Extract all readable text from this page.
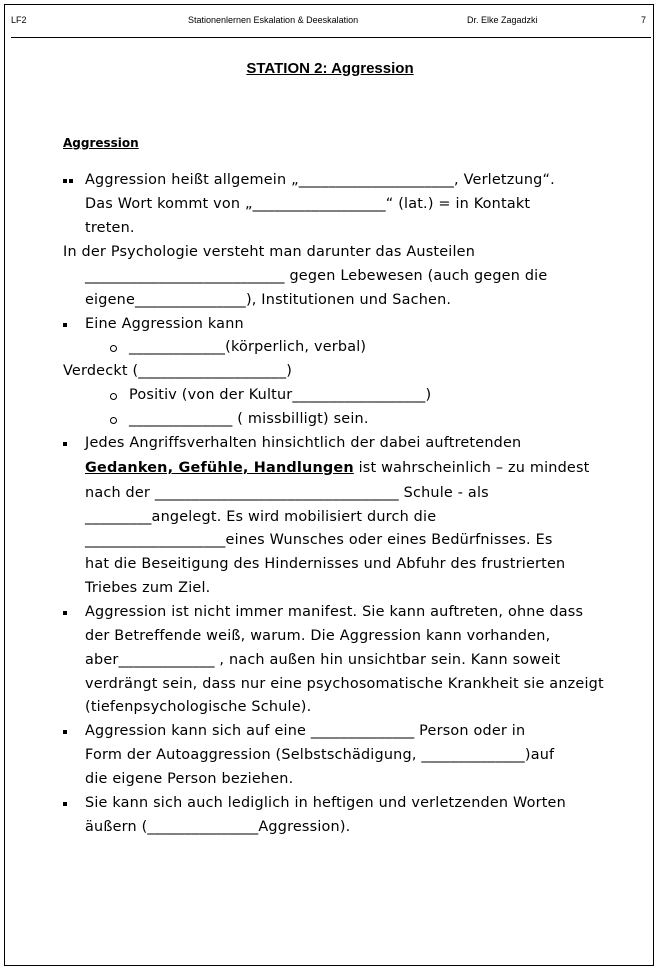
LF2	Stationenlernen Eskalation & Deeskalation	Dr. Elke Zagadzki	7
STATION 2: Aggression
Aggression
Aggression heißt allgemein „_____________________, Verletzung“.
Das Wort kommt von „__________________“ (lat.) = in Kontakt
treten.
In der Psychologie versteht man darunter das Austeilen
___________________________ gegen Lebewesen (auch gegen die
eigene_______________), Institutionen und Sachen.
Eine Aggression kann
_____________(körperlich, verbal)
Verdeckt (____________________)
Positiv (von der Kultur__________________)
______________ ( missbilligt) sein.
Jedes Angriffsverhalten hinsichtlich der dabei auftretenden
Gedanken, Gefühle, Handlungen ist wahrscheinlich – zu mindest
nach der _________________________________ Schule - als
_________angelegt. Es wird mobilisiert durch die
___________________eines Wunsches oder eines Bedürfnisses. Es
hat die Beseitigung des Hindernisses und Abfuhr des frustrierten
Triebes zum Ziel.
Aggression ist nicht immer manifest. Sie kann auftreten, ohne dass
der Betreffende weiß, warum. Die Aggression kann vorhanden,
aber_____________ , nach außen hin unsichtbar sein. Kann soweit
verdrängt sein, dass nur eine psychosomatische Krankheit sie anzeigt
(tiefenpsychologische Schule).
Aggression kann sich auf eine ______________ Person oder in
Form der Autoaggression (Selbstschädigung, ______________)auf
die eigene Person beziehen.
Sie kann sich auch lediglich in heftigen und verletzenden Worten
äußern (_______________Aggression).
